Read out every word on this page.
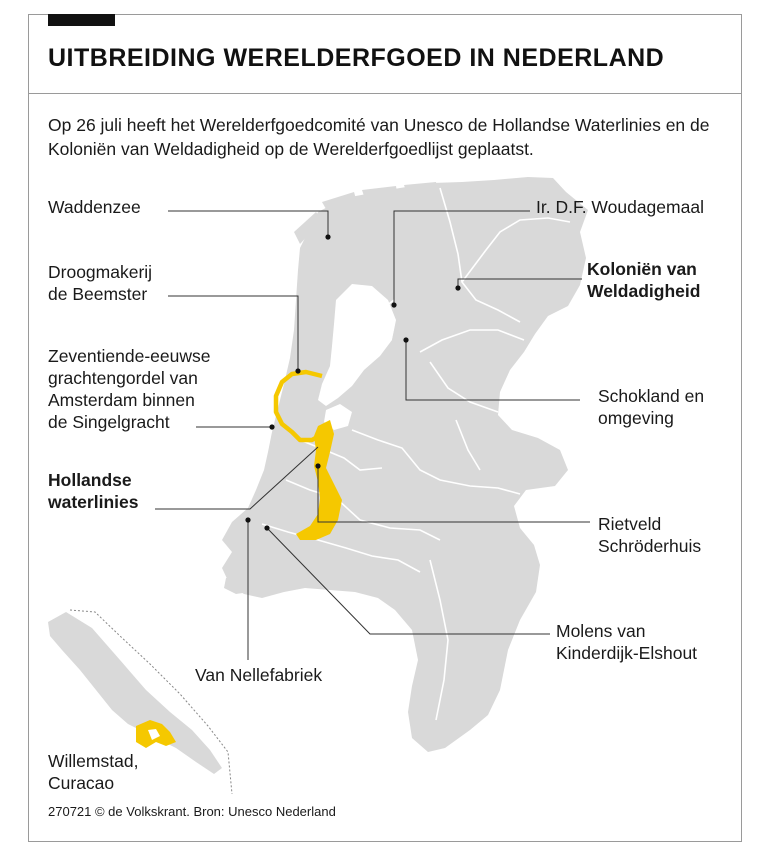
UITBREIDING WERELDERFGOED IN NEDERLAND
Op 26 juli heeft het Werelderfgoedcomité van Unesco de Hollandse Waterlinies en de Koloniën van Weldadigheid op de Werelderfgoedlijst geplaatst.
Waddenzee	Ir. D.F. Woudagemaal
Droogmakerij
de Beemster
Koloniën van
Weldadigheid
Zeventiende-eeuwse
grachtengordel van
Amsterdam binnen
de Singelgracht
Schokland en
omgeving
Hollandse
waterlinies
Rietveld
Schröderhuis
Molens van
Kinderdijk-Elshout
Van Nellefabriek
Willemstad,
Curacao
270721 © de Volkskrant. Bron: Unesco Nederland
